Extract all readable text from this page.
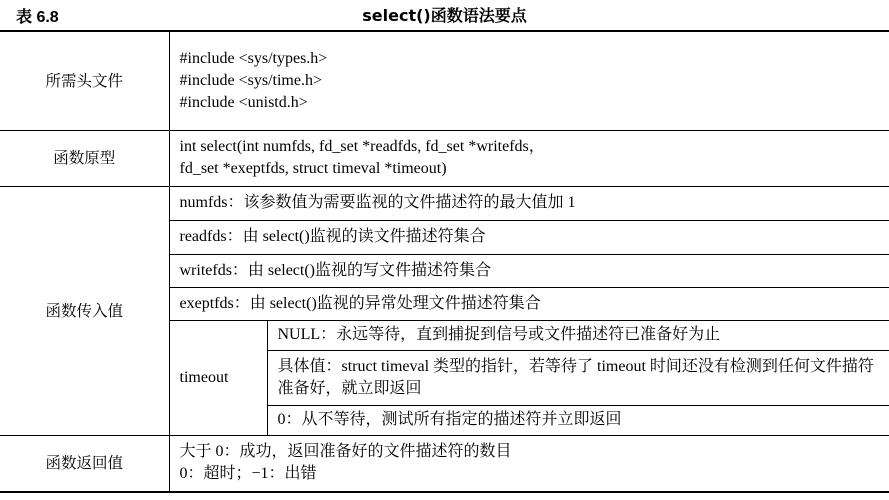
表 6.8	select()函数语法要点
所需头文件	#include <sys/types.h>
#include <sys/time.h>
#include <unistd.h>	

函数原型	int select(int numfds, fd_set *readfds, fd_set *writefds，
fd_set *exeptfds, struct timeval *timeout)	

函数传入值	numfds：该参数值为需要监视的文件描述符的最大值加 1	
	readfds：由 select()监视的读文件描述符集合	
	writefds：由 select()监视的写文件描述符集合	
	exeptfds：由 select()监视的异常处理文件描述符集合	
	timeout	NULL：永远等待，直到捕捉到信号或文件描述符已准备好为止

		具体值：struct timeval 类型的指针，若等待了 timeout 时间还没有检测到任何文件描符准备好，就立即返回

		0：从不等待，测试所有指定的描述符并立即返回
函数返回值	大于 0：成功，返回准备好的文件描述符的数目
0：超时；−1：出错	
